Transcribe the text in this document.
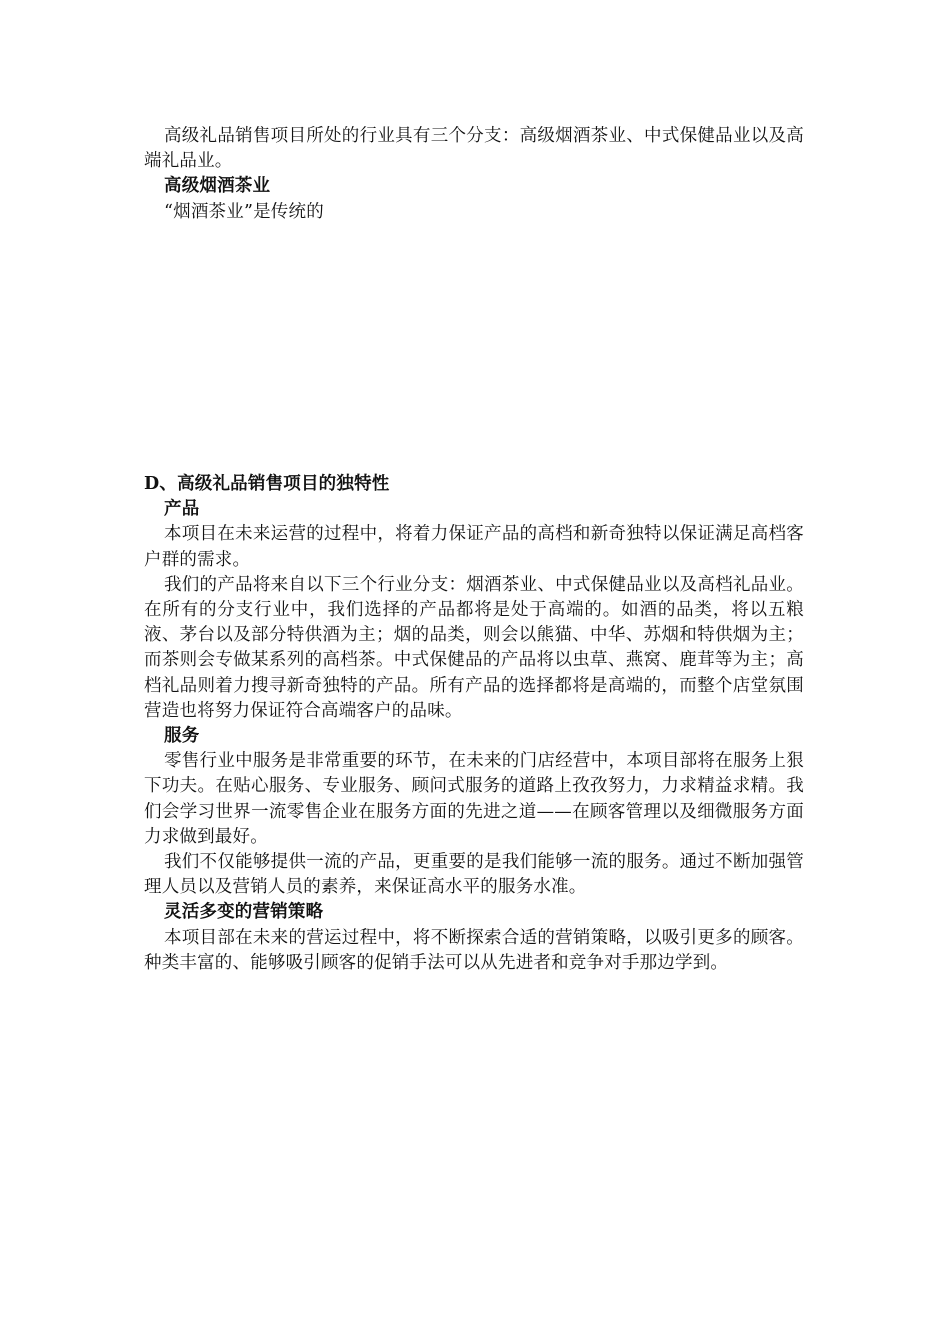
高级礼品销售项目所处的行业具有三个分支：高级烟酒茶业、中式保健品业以及高端礼品业。

高级烟酒茶业

“烟酒茶业”是传统的

D、高级礼品销售项目的独特性

产品

本项目在未来运营的过程中，将着力保证产品的高档和新奇独特以保证满足高档客户群的需求。

我们的产品将来自以下三个行业分支：烟酒茶业、中式保健品业以及高档礼品业。在所有的分支行业中，我们选择的产品都将是处于高端的。如酒的品类，将以五粮液、茅台以及部分特供酒为主；烟的品类，则会以熊猫、中华、苏烟和特供烟为主；而茶则会专做某系列的高档茶。中式保健品的产品将以虫草、燕窝、鹿茸等为主；高档礼品则着力搜寻新奇独特的产品。所有产品的选择都将是高端的，而整个店堂氛围营造也将努力保证符合高端客户的品味。

服务

零售行业中服务是非常重要的环节，在未来的门店经营中，本项目部将在服务上狠下功夫。在贴心服务、专业服务、顾问式服务的道路上孜孜努力，力求精益求精。我们会学习世界一流零售企业在服务方面的先进之道——在顾客管理以及细微服务方面力求做到最好。

我们不仅能够提供一流的产品，更重要的是我们能够一流的服务。通过不断加强管理人员以及营销人员的素养，来保证高水平的服务水准。

灵活多变的营销策略

本项目部在未来的营运过程中，将不断探索合适的营销策略，以吸引更多的顾客。种类丰富的、能够吸引顾客的促销手法可以从先进者和竞争对手那边学到。
